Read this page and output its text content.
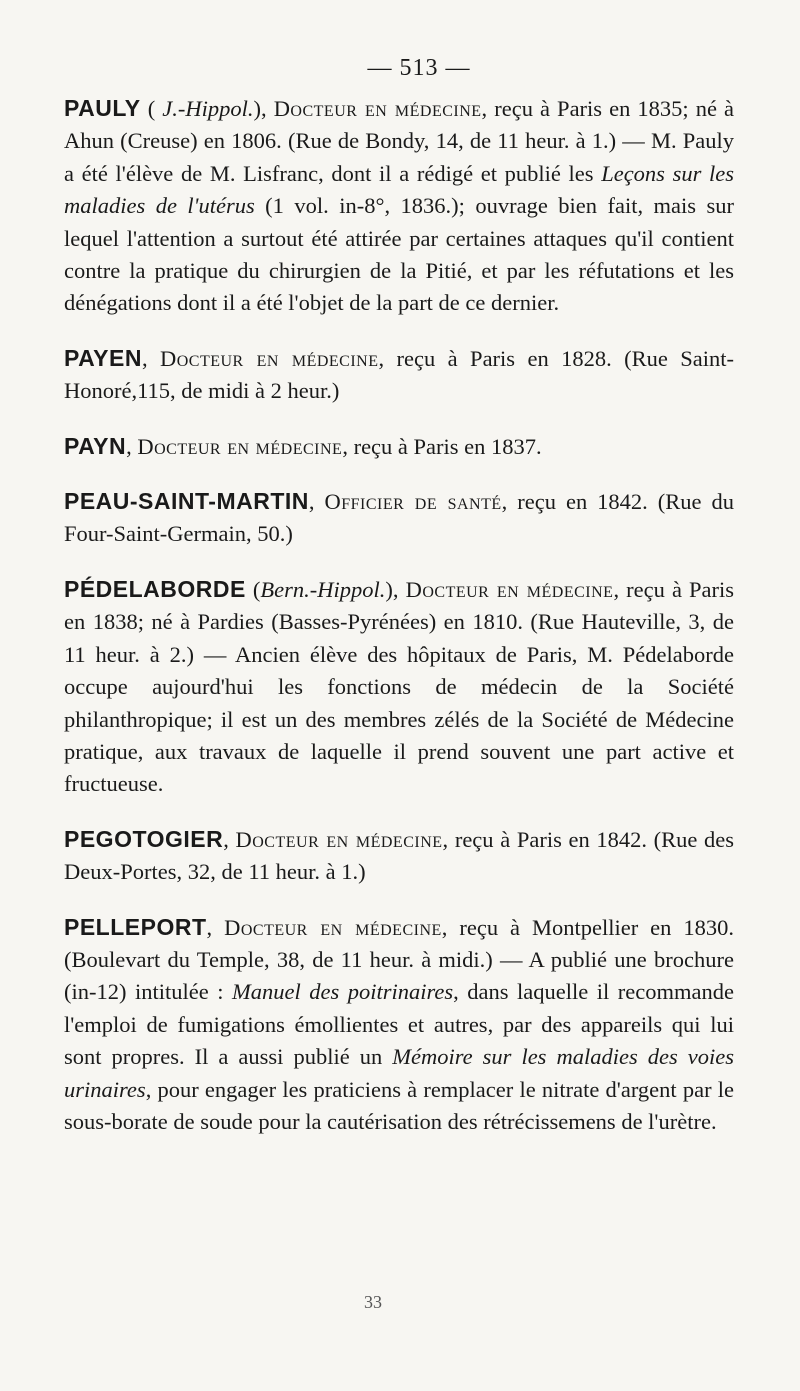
— 513 —

PAULY ( J.-Hippol.), Docteur en médecine, reçu à Paris en 1835; né à Ahun (Creuse) en 1806. (Rue de Bondy, 14, de 11 heur. à 1.) — M. Pauly a été l'élève de M. Lisfranc, dont il a rédigé et publié les Leçons sur les maladies de l'utérus (1 vol. in-8°, 1836.); ouvrage bien fait, mais sur lequel l'attention a surtout été attirée par certaines attaques qu'il contient contre la pratique du chirurgien de la Pitié, et par les réfutations et les dénégations dont il a été l'objet de la part de ce dernier.

PAYEN, Docteur en médecine, reçu à Paris en 1828. (Rue Saint-Honoré,115, de midi à 2 heur.)

PAYN, Docteur en médecine, reçu à Paris en 1837.

PEAU-SAINT-MARTIN, Officier de santé, reçu en 1842. (Rue du Four-Saint-Germain, 50.)

PÉDELABORDE (Bern.-Hippol.), Docteur en médecine, reçu à Paris en 1838; né à Pardies (Basses-Pyrénées) en 1810. (Rue Hauteville, 3, de 11 heur. à 2.) — Ancien élève des hôpitaux de Paris, M. Pédelaborde occupe aujourd'hui les fonctions de médecin de la Société philanthropique; il est un des membres zélés de la Société de Médecine pratique, aux travaux de laquelle il prend souvent une part active et fructueuse.

PEGOTOGIER, Docteur en médecine, reçu à Paris en 1842. (Rue des Deux-Portes, 32, de 11 heur. à 1.)

PELLEPORT, Docteur en médecine, reçu à Montpellier en 1830. (Boulevart du Temple, 38, de 11 heur. à midi.) — A publié une brochure (in-12) intitulée : Manuel des poitrinaires, dans laquelle il recommande l'emploi de fumigations émollientes et autres, par des appareils qui lui sont propres. Il a aussi publié un Mémoire sur les maladies des voies urinaires, pour engager les praticiens à remplacer le nitrate d'argent par le sous-borate de soude pour la cautérisation des rétrécissemens de l'urètre.

33
